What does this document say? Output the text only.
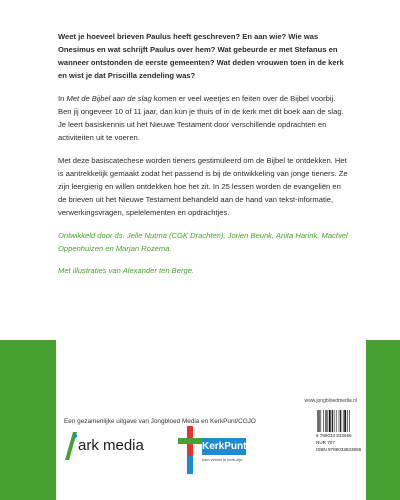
Weet je hoeveel brieven Paulus heeft geschreven? En aan wie? Wie was Onesimus en wat schrijft Paulus over hem? Wat gebeurde er met Stefanus en wanneer ontstonden de eerste gemeenten? Wat deden vrouwen toen in de kerk en wist je dat Priscilla zendeling was?

In Met de Bijbel aan de slag komen er veel weetjes en feiten over de Bijbel voorbij. Ben jij ongeveer 10 of 11 jaar, dan kun je thuis of in de kerk met dit boek aan de slag. Je leert basiskennis uit het Nieuwe Testament door verschillende opdrachten en activiteiten uit te voeren.

Met deze basiscatechese worden tieners gestimuleerd om de Bijbel te ontdekken. Het is aantrekkelijk gemaakt zodat het passend is bij de ontwikkeling van jonge tieners. Ze zijn leergierig en willen ontdekken hoe het zit. In 25 lessen worden de evangeliën en de brieven uit het Nieuwe Testament behandeld aan de hand van tekst-informatie, verwerkingsvragen, spelelementen en opdrachtjes.

Ontwikkeld door ds. Jelle Nutma (CGK Drachten), Jorien Beunk, Anita Harink, Machiel Oppenhuizen en Marjan Rozema.

Met illustraties van Alexander ten Berge.

www.jongbloedmedia.nl
Een gezamenlijke uitgave van Jongbloed Media en KerkPunt/CGJO
ark media	KerkPunt
kom verder in kerk-zijn
9 789033 833656
NUR 707
ISBN 9789033833656
